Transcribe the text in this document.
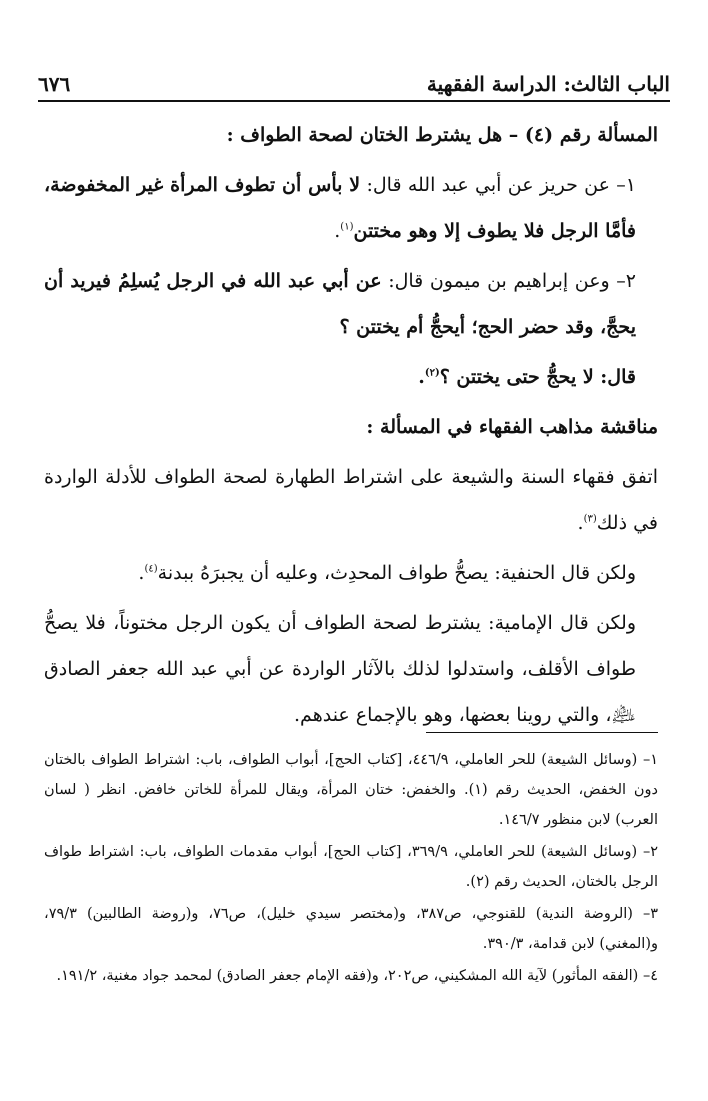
٦٧٦	الباب الثالث: الدراسة الفقهية

المسألة رقم (٤) – هل يشترط الختان لصحة الطواف :

١– عن حريز عن أبي عبد الله قال: لا بأس أن تطوف المرأة غير المخفوضة، فأمَّا الرجل فلا يطوف إلا وهو مختتن$^{(١)}$.

٢– وعن إبراهيم بن ميمون قال: عن أبي عبد الله في الرجل يُسلِمُ فيريد أن يحجَّ، وقد حضر الحج؛ أيحجُّ أم يختتن ؟

قال: لا يحجُّ حتى يختتن ؟$^{(٢)}$.

مناقشة مذاهب الفقهاء في المسألة :

اتفق فقهاء السنة والشيعة على اشتراط الطهارة لصحة الطواف للأدلة الواردة في ذلك$^{(٣)}$.

ولكن قال الحنفية: يصحُّ طواف المحدِث، وعليه أن يجبرَهُ ببدنة$^{(٤)}$.

ولكن قال الإمامية: يشترط لصحة الطواف أن يكون الرجل مختوناً، فلا يصحُّ طواف الأقلف، واستدلوا لذلك بالآثار الواردة عن أبي عبد الله جعفر الصادق ﵇، والتي روينا بعضها، وهو بالإجماع عندهم.

١– (وسائل الشيعة) للحر العاملي، ٤٤٦/٩، [كتاب الحج]، أبواب الطواف، باب: اشتراط الطواف بالختان دون الخفض، الحديث رقم (١). والخفض: ختان المرأة، ويقال للمرأة للخاتن خافض. انظر ( لسان العرب) لابن منظور ١٤٦/٧.

٢– (وسائل الشيعة) للحر العاملي، ٣٦٩/٩، [كتاب الحج]، أبواب مقدمات الطواف، باب: اشتراط طواف الرجل بالختان، الحديث رقم (٢).

٣– (الروضة الندية) للقنوجي، ص٣٨٧، و(مختصر سيدي خليل)، ص٧٦، و(روضة الطالبين) ٧٩/٣، و(المغني) لابن قدامة، ٣٩٠/٣.

٤– (الفقه المأثور) لآية الله المشكيني، ص٢٠٢، و(فقه الإمام جعفر الصادق) لمحمد جواد مغنية، ١٩١/٢.
